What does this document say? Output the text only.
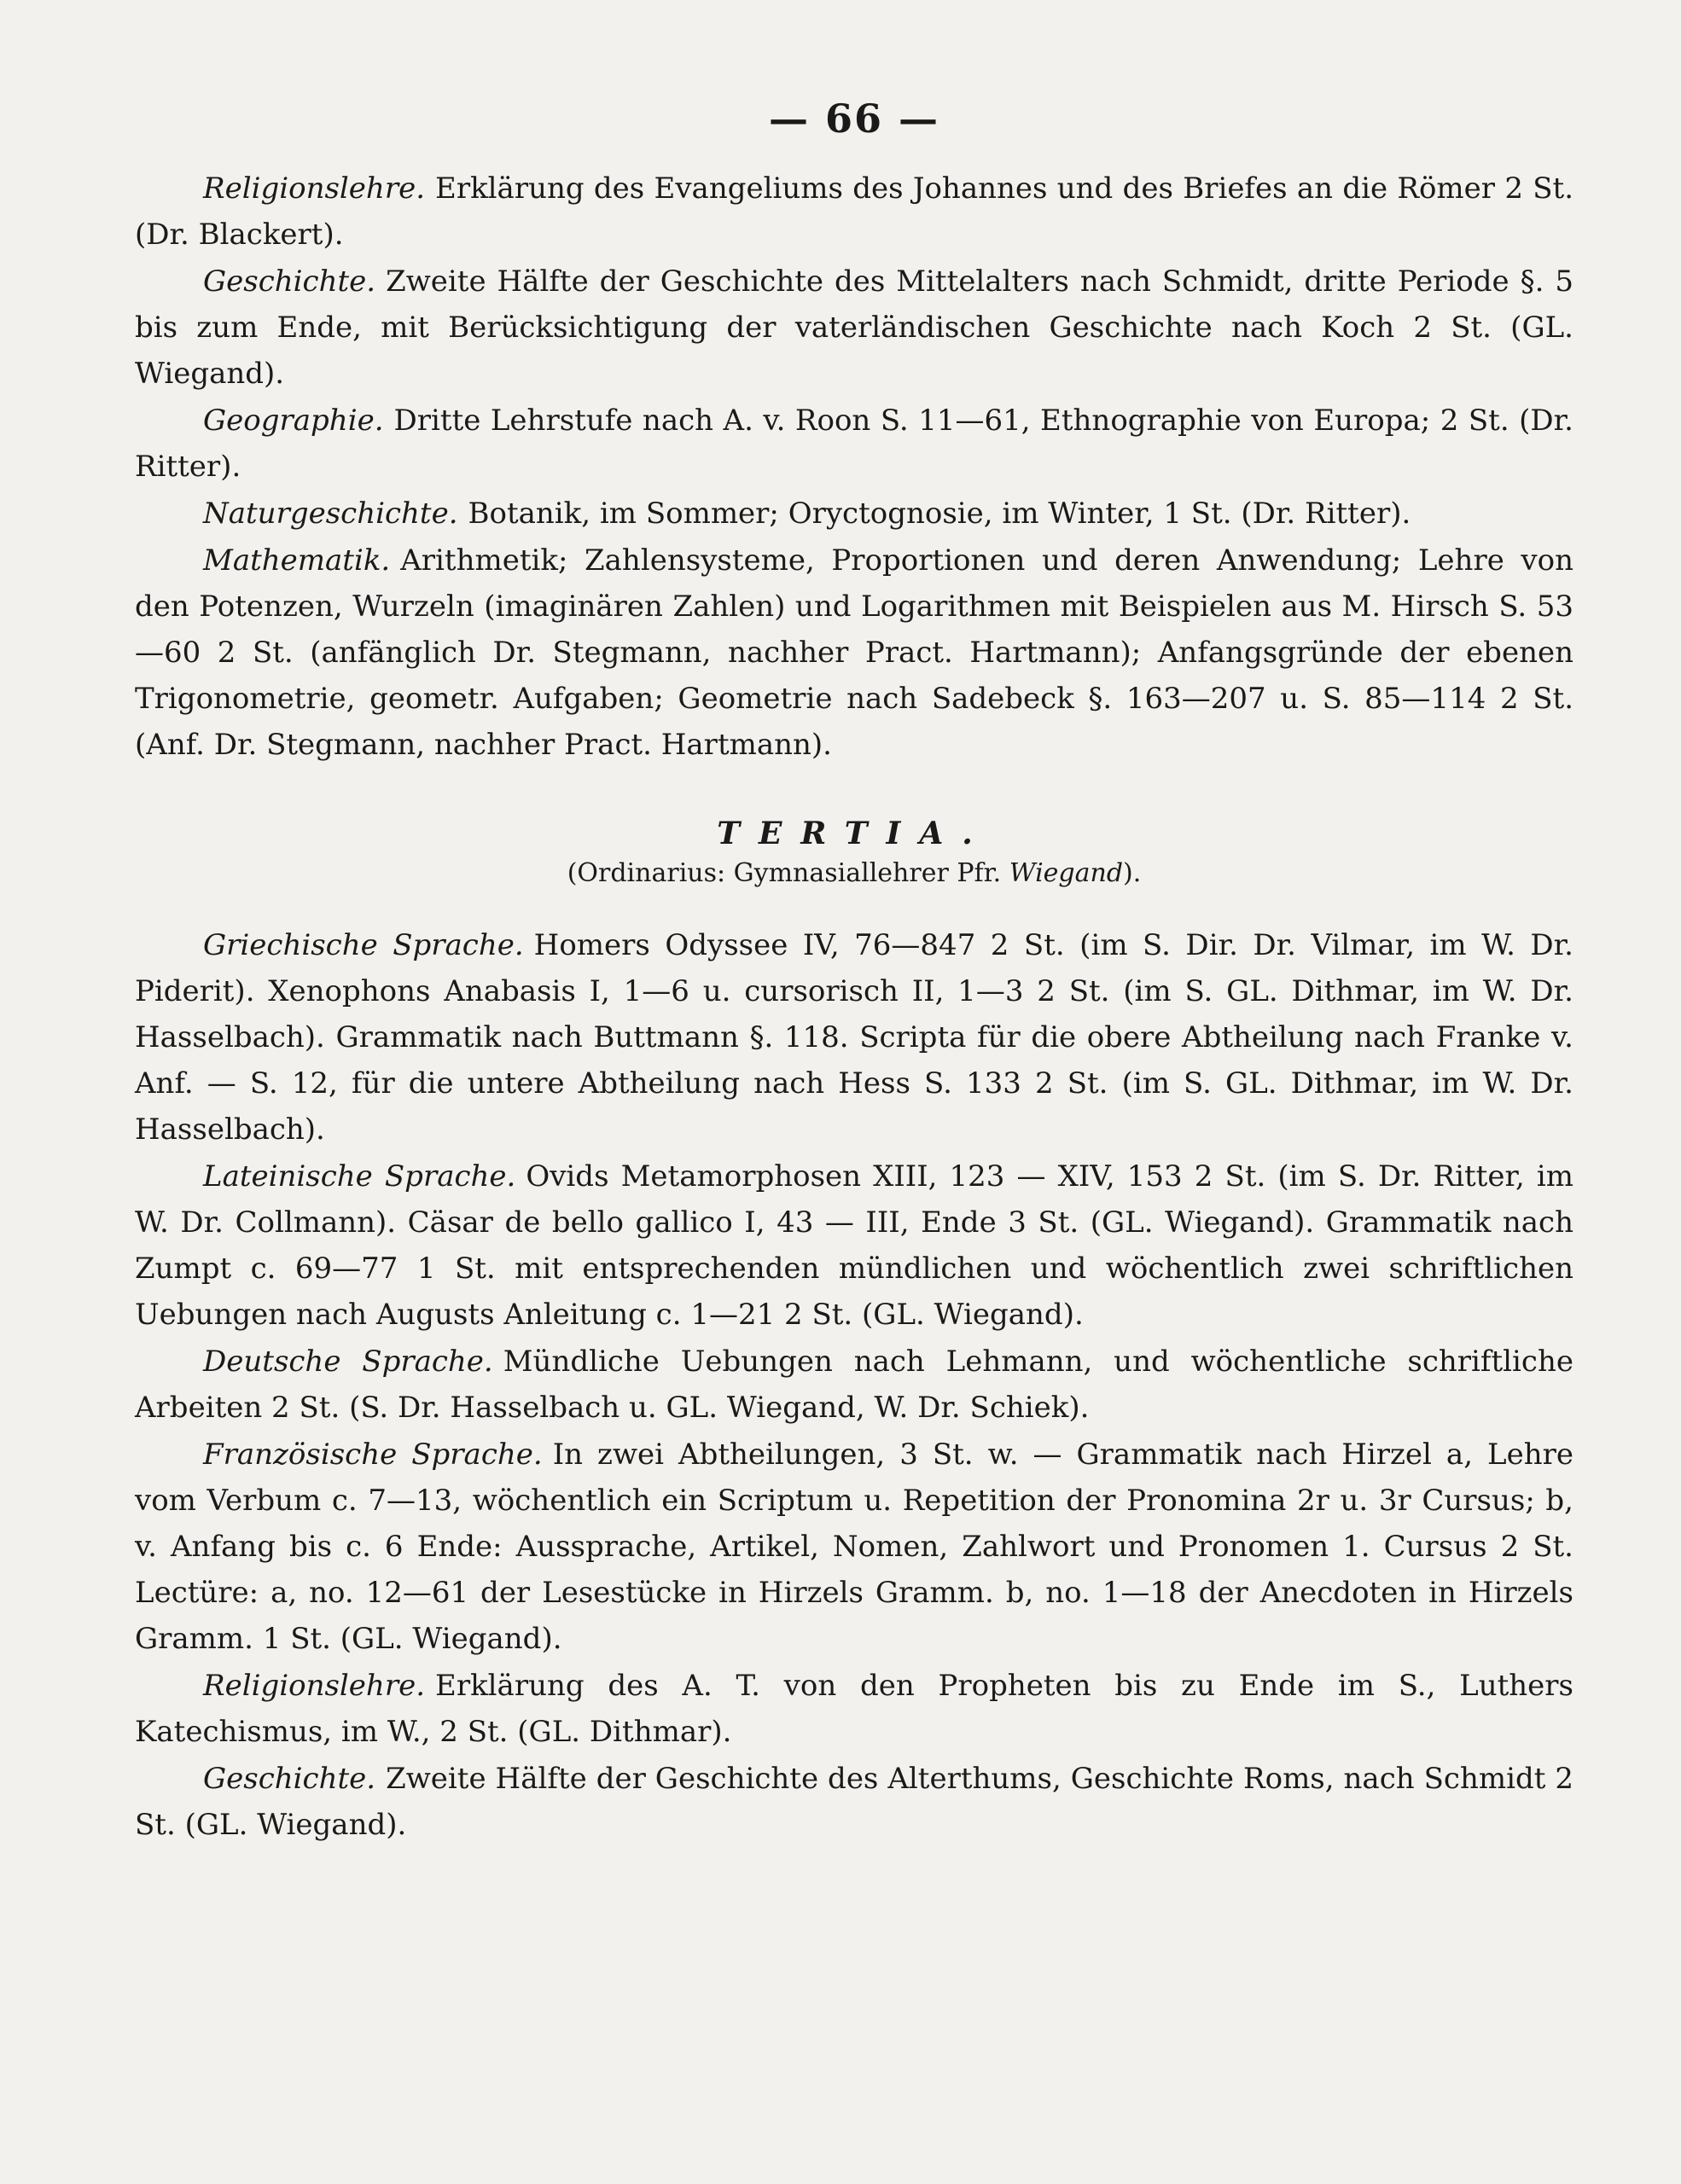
— 66 —

Religionslehre. Erklärung des Evangeliums des Johannes und des Briefes an die Römer 2 St. (Dr. Blackert).

Geschichte. Zweite Hälfte der Geschichte des Mittelalters nach Schmidt, dritte Periode §. 5 bis zum Ende, mit Berücksichtigung der vaterländischen Geschichte nach Koch 2 St. (GL. Wiegand).

Geographie. Dritte Lehrstufe nach A. v. Roon S. 11—61, Ethnographie von Europa; 2 St. (Dr. Ritter).

Naturgeschichte. Botanik, im Sommer; Oryctognosie, im Winter, 1 St. (Dr. Ritter).

Mathematik. Arithmetik; Zahlensysteme, Proportionen und deren Anwendung; Lehre von den Potenzen, Wurzeln (imaginären Zahlen) und Logarithmen mit Beispielen aus M. Hirsch S. 53—60 2 St. (anfänglich Dr. Stegmann, nachher Pract. Hartmann); Anfangsgründe der ebenen Trigonometrie, geometr. Aufgaben; Geometrie nach Sadebeck §. 163—207 u. S. 85—114 2 St. (Anf. Dr. Stegmann, nachher Pract. Hartmann).

TERTIA.
(Ordinarius: Gymnasiallehrer Pfr. Wiegand).

Griechische Sprache. Homers Odyssee IV, 76—847 2 St. (im S. Dir. Dr. Vilmar, im W. Dr. Piderit). Xenophons Anabasis I, 1—6 u. cursorisch II, 1—3 2 St. (im S. GL. Dithmar, im W. Dr. Hasselbach). Grammatik nach Buttmann §. 118. Scripta für die obere Abtheilung nach Franke v. Anf. — S. 12, für die untere Abtheilung nach Hess S. 133 2 St. (im S. GL. Dithmar, im W. Dr. Hasselbach).

Lateinische Sprache. Ovids Metamorphosen XIII, 123 — XIV, 153 2 St. (im S. Dr. Ritter, im W. Dr. Collmann). Cäsar de bello gallico I, 43 — III, Ende 3 St. (GL. Wiegand). Grammatik nach Zumpt c. 69—77 1 St. mit entsprechenden mündlichen und wöchentlich zwei schriftlichen Uebungen nach Augusts Anleitung c. 1—21 2 St. (GL. Wiegand).

Deutsche Sprache. Mündliche Uebungen nach Lehmann, und wöchentliche schriftliche Arbeiten 2 St. (S. Dr. Hasselbach u. GL. Wiegand, W. Dr. Schiek).

Französische Sprache. In zwei Abtheilungen, 3 St. w. — Grammatik nach Hirzel a, Lehre vom Verbum c. 7—13, wöchentlich ein Scriptum u. Repetition der Pronomina 2r u. 3r Cursus; b, v. Anfang bis c. 6 Ende: Aussprache, Artikel, Nomen, Zahlwort und Pronomen 1. Cursus 2 St. Lectüre: a, no. 12—61 der Lesestücke in Hirzels Gramm. b, no. 1—18 der Anecdoten in Hirzels Gramm. 1 St. (GL. Wiegand).

Religionslehre. Erklärung des A. T. von den Propheten bis zu Ende im S., Luthers Katechismus, im W., 2 St. (GL. Dithmar).

Geschichte. Zweite Hälfte der Geschichte des Alterthums, Geschichte Roms, nach Schmidt 2 St. (GL. Wiegand).
